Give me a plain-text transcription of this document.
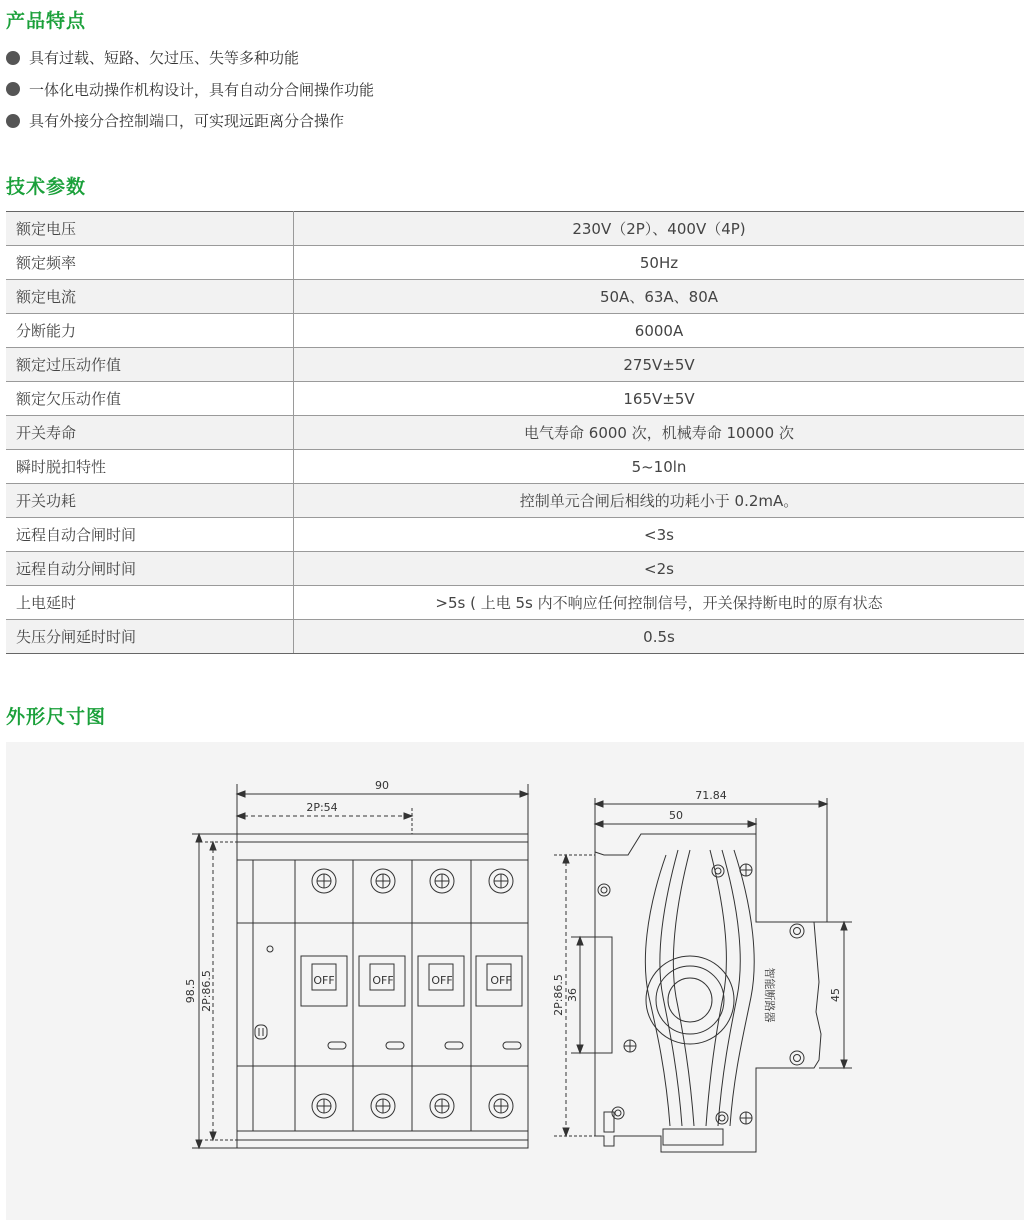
产品特点
具有过载、短路、欠过压、失等多种功能
一体化电动操作机构设计，具有自动分合闸操作功能
具有外接分合控制端口，可实现远距离分合操作
技术参数
额定电压	230V（2P）、400V（4P)
额定频率	50Hz
额定电流	50A、63A、80A
分断能力	6000A
额定过压动作值	275V±5V
额定欠压动作值	165V±5V
开关寿命	电气寿命 6000 次，机械寿命 10000 次
瞬时脱扣特性	5~10ln
开关功耗	控制单元合闸后相线的功耗小于 0.2mA。
远程自动合闸时间	<3s
远程自动分闸时间	<2s
上电延时	>5s ( 上电 5s 内不响应任何控制信号，开关保持断电时的原有状态
失压分闸延时时间	0.5s
外形尺寸图
90
2P:54
98.5 2P:86.5	OFF	OFF	OFF	OFF
71.84
50
2P:86.5 36	45
智能断路器
